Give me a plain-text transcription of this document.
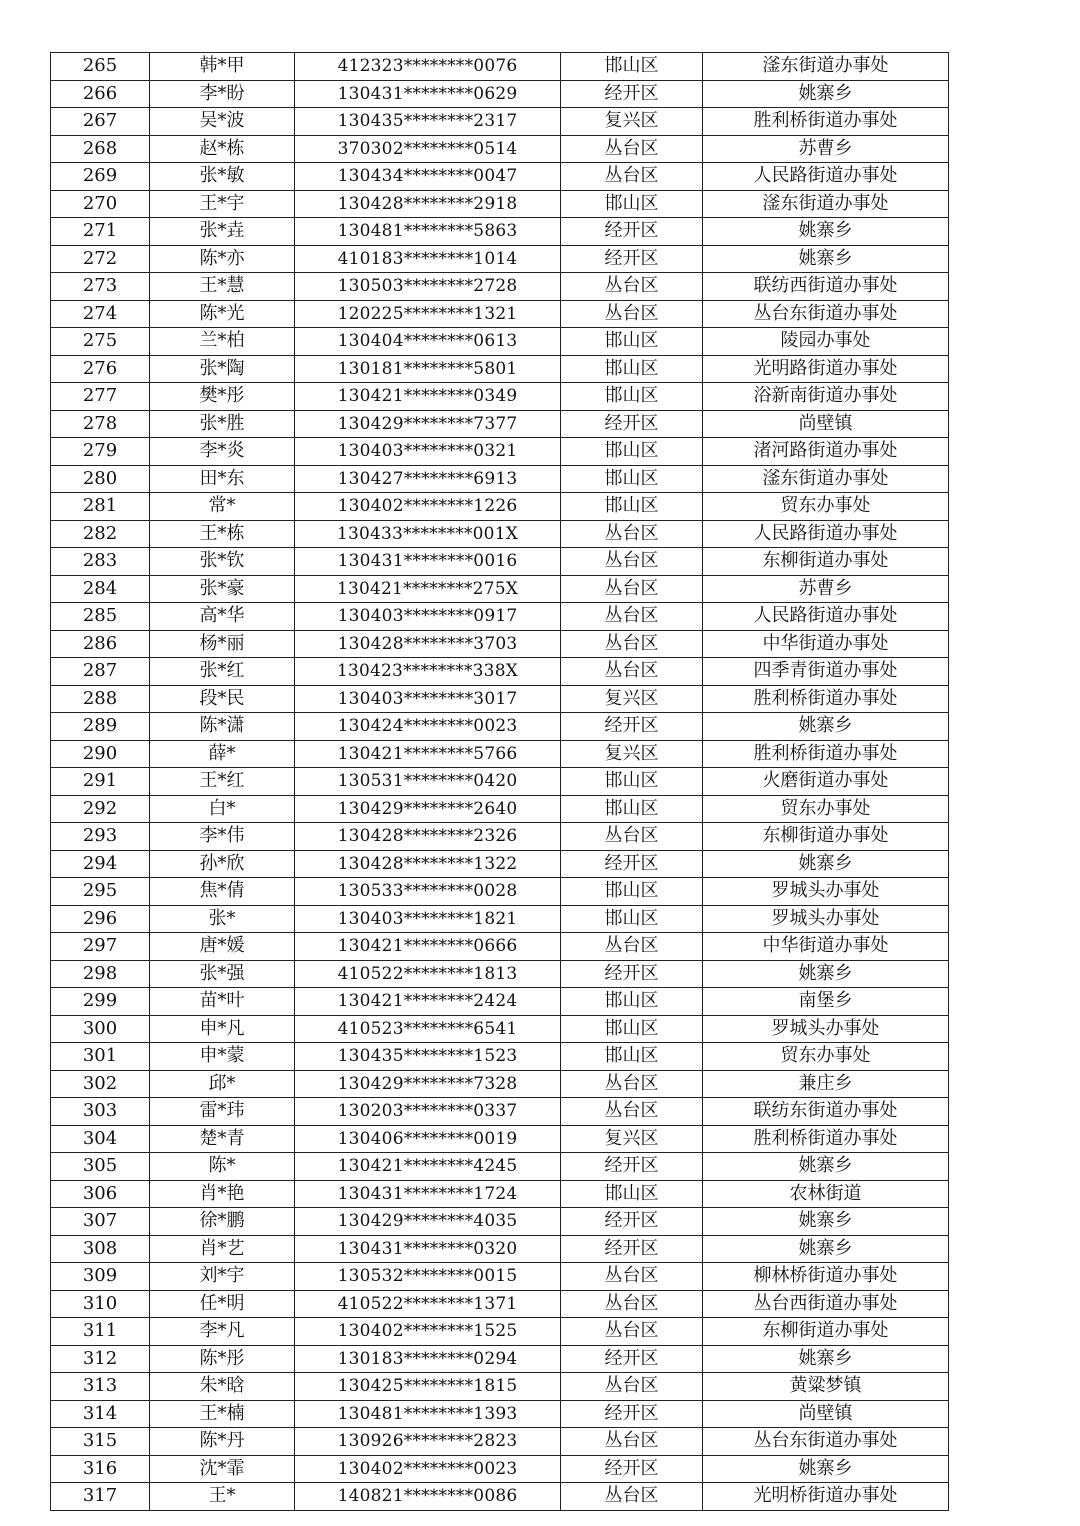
265	韩*甲	412323********0076	邯山区	滏东街道办事处
266	李*盼	130431********0629	经开区	姚寨乡
267	吴*波	130435********2317	复兴区	胜利桥街道办事处
268	赵*栋	370302********0514	丛台区	苏曹乡
269	张*敏	130434********0047	丛台区	人民路街道办事处
270	王*宇	130428********2918	邯山区	滏东街道办事处
271	张*垚	130481********5863	经开区	姚寨乡
272	陈*亦	410183********1014	经开区	姚寨乡
273	王*慧	130503********2728	丛台区	联纺西街道办事处
274	陈*光	120225********1321	丛台区	丛台东街道办事处
275	兰*柏	130404********0613	邯山区	陵园办事处
276	张*陶	130181********5801	邯山区	光明路街道办事处
277	樊*彤	130421********0349	邯山区	浴新南街道办事处
278	张*胜	130429********7377	经开区	尚壁镇
279	李*炎	130403********0321	邯山区	渚河路街道办事处
280	田*东	130427********6913	邯山区	滏东街道办事处
281	常*	130402********1226	邯山区	贸东办事处
282	王*栋	130433********001X	丛台区	人民路街道办事处
283	张*钦	130431********0016	丛台区	东柳街道办事处
284	张*豪	130421********275X	丛台区	苏曹乡
285	高*华	130403********0917	丛台区	人民路街道办事处
286	杨*丽	130428********3703	丛台区	中华街道办事处
287	张*红	130423********338X	丛台区	四季青街道办事处
288	段*民	130403********3017	复兴区	胜利桥街道办事处
289	陈*潇	130424********0023	经开区	姚寨乡
290	薛*	130421********5766	复兴区	胜利桥街道办事处
291	王*红	130531********0420	邯山区	火磨街道办事处
292	白*	130429********2640	邯山区	贸东办事处
293	李*伟	130428********2326	丛台区	东柳街道办事处
294	孙*欣	130428********1322	经开区	姚寨乡
295	焦*倩	130533********0028	邯山区	罗城头办事处
296	张*	130403********1821	邯山区	罗城头办事处
297	唐*媛	130421********0666	丛台区	中华街道办事处
298	张*强	410522********1813	经开区	姚寨乡
299	苗*叶	130421********2424	邯山区	南堡乡
300	申*凡	410523********6541	邯山区	罗城头办事处
301	申*蒙	130435********1523	邯山区	贸东办事处
302	邱*	130429********7328	丛台区	兼庄乡
303	雷*玮	130203********0337	丛台区	联纺东街道办事处
304	楚*青	130406********0019	复兴区	胜利桥街道办事处
305	陈*	130421********4245	经开区	姚寨乡
306	肖*艳	130431********1724	邯山区	农林街道
307	徐*鹏	130429********4035	经开区	姚寨乡
308	肖*艺	130431********0320	经开区	姚寨乡
309	刘*宇	130532********0015	丛台区	柳林桥街道办事处
310	任*明	410522********1371	丛台区	丛台西街道办事处
311	李*凡	130402********1525	丛台区	东柳街道办事处
312	陈*彤	130183********0294	经开区	姚寨乡
313	朱*晗	130425********1815	丛台区	黄粱梦镇
314	王*楠	130481********1393	经开区	尚壁镇
315	陈*丹	130926********2823	丛台区	丛台东街道办事处
316	沈*霏	130402********0023	经开区	姚寨乡
317	王*	140821********0086	丛台区	光明桥街道办事处
